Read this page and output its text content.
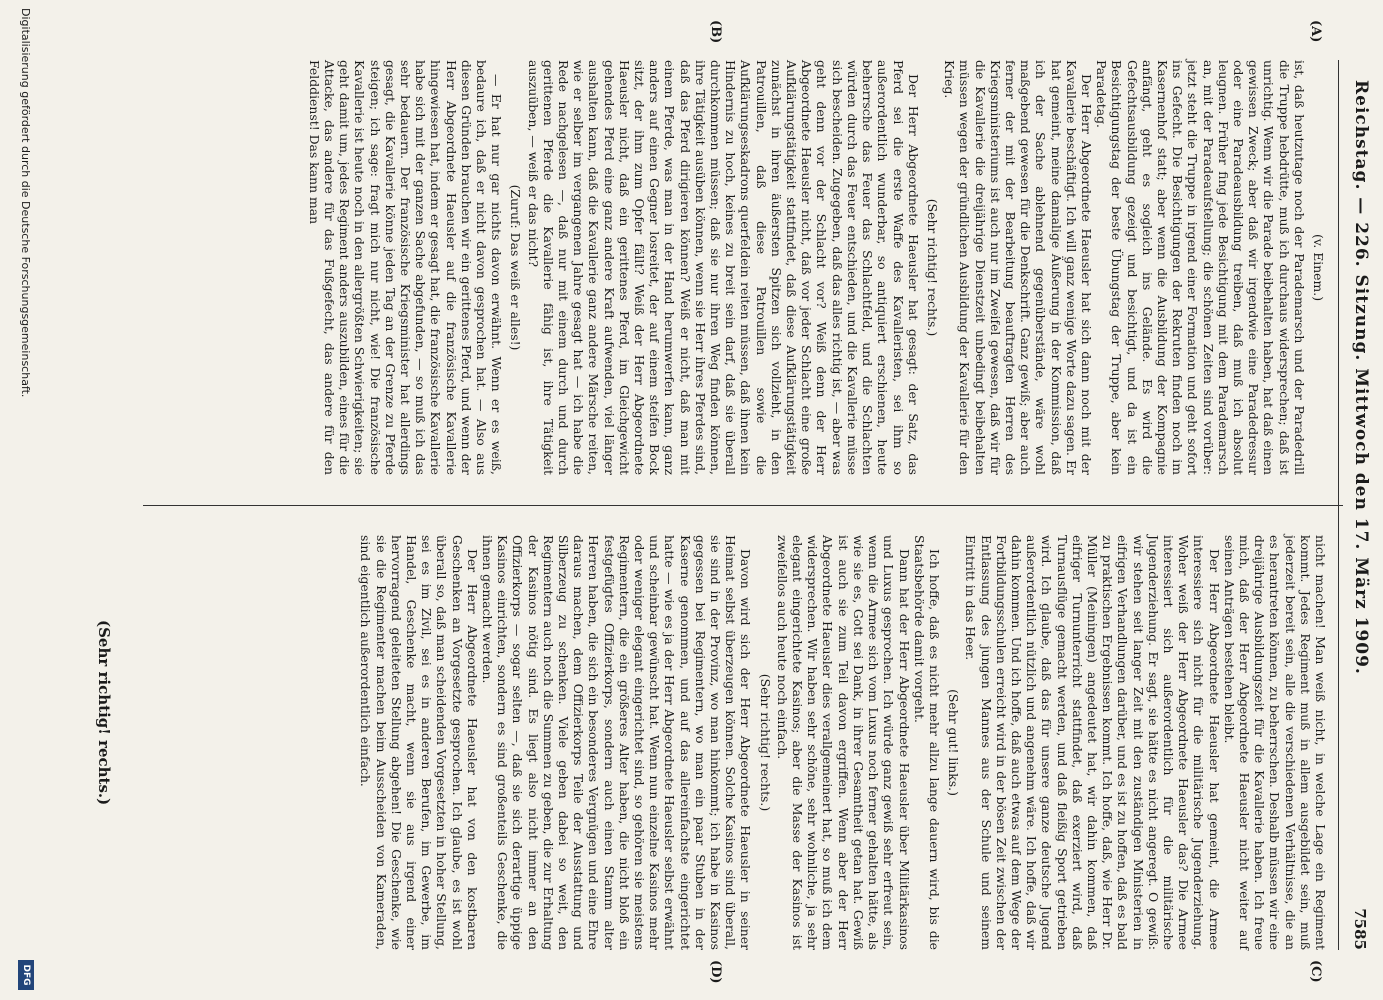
Reichstag. — 226. Sitzung. Mittwoch den 17. März 1909.
7585
(A)
(B)
(C)
(D)

(v. Einem.)

ist, daß heutzutage noch der Parademarsch und der Paradedrill die Truppe hebdrütte, muß ich durchaus widersprechen; daß ist unrichtig. Wenn wir die Parade beibehalten haben, hat daß einen gewissen Zweck; aber daß wir irgendwie eine Paradedressur oder eine Paradeausbildung treiben, daß muß ich absolut leugnen. Früher fing jede Besichtigung mit dem Parademarsch an, mit der Paradeaufstellung; die schönen Zeiten sind vorüber: jetzt steht die Truppe in irgend einer Formation und geht sofort ins Gefecht. Die Besichtigungen der Rekruten finden noch im Kasernenhof statt; aber wenn die Ausbildung der Kompagnie anfängt, geht es sogleich ins Gelände. Es wird die Gefechtsausbildung gezeigt und besichtigt, und da ist ein Besichtigungstag der beste Übungstag der Truppe, aber kein Paradetag.

Der Herr Abgeordnete Haeusler hat sich dann noch mit der Kavallerie beschäftigt. Ich will ganz wenige Worte dazu sagen. Er hat gemeint, meine damalige Äußerung in der Kommission, daß ich der Sache ablehnend gegenüberstände, wäre wohl maßgebend gewesen für die Denkschrift. Ganz gewiß; aber auch ferner der mit der Bearbeitung beauftragten Herren des Kriegsministeriums ist auch nur im Zweifel gewesen, daß wir für die Kavallerie die dreijährige Dienstzeit unbedingt beibehalten müssen wegen der gründlichen Ausbildung der Kavallerie für den Krieg.

(Sehr richtig! rechts.)

Der Herr Abgeordnete Haeusler hat gesagt: der Satz, das Pferd sei die erste Waffe des Kavalleristen, sei ihm so außerordentlich wunderbar, so antiquiert erschienen, heute beherrsche das Feuer das Schlachtfeld, und die Schlachten würden durch das Feuer entschieden, und die Kavallerie müsse sich bescheiden. Zugegeben, daß das alles richtig ist, — aber was geht denn vor der Schlacht vor? Weiß denn der Herr Abgeordnete Haeusler nicht, daß vor jeder Schlacht eine große Aufklärungstätigkeit stattfindet, daß diese Aufklärungstätigkeit zunächst in ihren äußersten Spitzen sich vollzieht, in den Patrouillen, daß diese Patrouillen sowie die Aufklärungseskadrons querfeldein reiten müssen, daß ihnen kein Hindernis zu hoch, keines zu breit sein darf, daß sie überall durchkommen müssen; daß sie nur ihren Weg finden können, ihre Tätigkeit ausüben können, wenn sie Herr ihres Pferdes sind, daß das Pferd dirigieren können? Weiß er nicht, daß man mit einem Pferde, was man in der Hand herumwerfen kann, ganz anders auf einen Gegner losreitet, der auf einem steifen Bock sitzt, der ihm zum Opfer fällt? Weiß der Herr Abgeordnete Haeusler nicht, daß ein gerittenes Pferd, im Gleichgewicht gehendes Pferd eine ganz andere Kraft aufwenden, viel länger aushalten kann, daß die Kavallerie ganz andere Märsche reiten, wie er selber im vergangenen Jahre gesagt hat — ich habe die Rede nachgelesen —, daß nur mit einem durch und durch gerittenen Pferde die Kavallerie fähig ist, ihre Tätigkeit auszuüben, — weiß er das nicht?

(Zuruf: Das weiß er alles!)

— Er hat nur gar nichts davon erwähnt. Wenn er es weiß, bedaure ich, daß er nicht davon gesprochen hat. — Also aus diesen Gründen brauchen wir ein gerittenes Pferd, und wenn der Herr Abgeordnete Haeusler auf die französische Kavallerie hingewiesen hat, indem er gesagt hat, die französische Kavallerie habe sich mit der ganzen Sache abgefunden, — so muß ich das sehr bedauern. Der französische Kriegsminister hat allerdings gesagt, die Kavallerie könne jeden Tag an der Grenze zu Pferde steigen; ich sage: fragt mich nur nicht, wie! Die französische Kavallerie ist heute noch in den allergrößten Schwierigkeiten; sie geht damit um, jedes Regiment anders auszubilden, eines für die Attacke, das andere für das Fußgefecht, das andere für den Felddienst! Das kann man

nicht machen! Man weiß nicht, in welche Lage ein Regiment kommt. Jedes Regiment muß in allem ausgebildet sein, muß jederzeit bereit sein, alle die verschiedenen Verhältnisse, die an es herantreten können, zu beherrschen. Deshalb müssen wir eine dreijährige Ausbildungszeit für die Kavallerie haben. Ich freue mich, daß der Herr Abgeordnete Haeusler nicht weiter auf seinen Anträgen bestehen bleibt.

Der Herr Abgeordnete Haeusler hat gemeint, die Armee interessiere sich nicht für die militärische Jugenderziehung. Woher weiß der Herr Abgeordnete Haeusler das? Die Armee interessiert sich außerordentlich für die militärische Jugenderziehung. Er sagt, sie hätte es nicht angeregt. O gewiß: wir stehen seit langer Zeit mit den zuständigen Ministerien in eifrigen Verhandlungen darüber, und es ist zu hoffen, daß es bald zu praktischen Ergebnissen kommt. Ich hoffe, daß, wie Herr Dr. Müller (Meiningen) angedeutet hat, wir dahin kommen, daß eifriger Turnunterricht stattfindet, daß exerziert wird, daß Turnausflüge gemacht werden, und daß fleißig Sport getrieben wird. Ich glaube, daß das für unsere ganze deutsche Jugend außerordentlich nützlich und angenehm wäre. Ich hoffe, daß wir dahin kommen. Und ich hoffe, daß auch etwas auf dem Wege der Fortbildungsschulen erreicht wird in der bösen Zeit zwischen der Entlassung des jungen Mannes aus der Schule und seinem Eintritt in das Heer.

(Sehr gut! links.)

Ich hoffe, daß es nicht mehr allzu lange dauern wird, bis die Staatsbehörde damit vorgeht.

Dann hat der Herr Abgeordnete Haeusler über Militärkasinos und Luxus gesprochen. Ich würde ganz gewiß sehr erfreut sein, wenn die Armee sich vom Luxus noch ferner gehalten hätte, als wie sie es, Gott sei Dank, in ihrer Gesamtheit getan hat. Gewiß ist auch sie zum Teil davon ergriffen. Wenn aber der Herr Abgeordnete Haeusler dies verallgemeinert hat, so muß ich dem widersprechen. Wir haben sehr schöne, sehr wohnliche, ja sehr elegant eingerichtete Kasinos; aber die Masse der Kasinos ist zweifellos auch heute noch einfach.

(Sehr richtig! rechts.)

Davon wird sich der Herr Abgeordnete Haeusler in seiner Heimat selbst überzeugen können. Solche Kasinos sind überall, sie sind in der Provinz, wo man hinkommt; ich habe in Kasinos gegessen bei Regimentern, wo man ein paar Stuben in der Kaserne genommen, und auf das allereinfachste eingerichtet hatte — wie es ja der Herr Abgeordnete Haeusler selbst erwähnt und scheinbar gewünscht hat. Wenn nun einzelne Kasinos mehr oder weniger elegant eingerichtet sind, so gehören sie meistens Regimentern, die ein größeres Alter haben, die nicht bloß ein festgefügtes Offizierkorps, sondern auch einen Stamm alter Herren haben, die sich ein besonderes Vergnügen und eine Ehre daraus machen, dem Offizierkorps Teile der Ausstattung und Silberzeug zu schenken. Viele geben dabei so weit, den Regimentern auch noch die Summen zu geben, die zur Erhaltung der Kasinos nötig sind. Es liegt also nicht immer an den Offizierkorps — sogar selten —, daß sie sich derartige üppige Kasinos einrichten, sondern es sind großenteils Geschenke, die ihnen gemacht werden.

Der Herr Abgeordnete Haeusler hat von den kostbaren Geschenken an Vorgesetzte gesprochen. Ich glaube, es ist wohl überall so, daß man scheidenden Vorgesetzten in hoher Stellung, sei es im Zivil, sei es in anderen Berufen, im Gewerbe, im Handel, Geschenke macht, wenn sie aus irgend einer hervorragend geleiteten Stellung abgehen! Die Geschenke, wie sie die Regimenter machen beim Ausscheiden von Kameraden, sind eigentlich außerordentlich einfach.

(Sehr richtig! rechts.)
Digitalisierung gefördert durch die Deutsche Forschungsgemeinschaft.
DFG
